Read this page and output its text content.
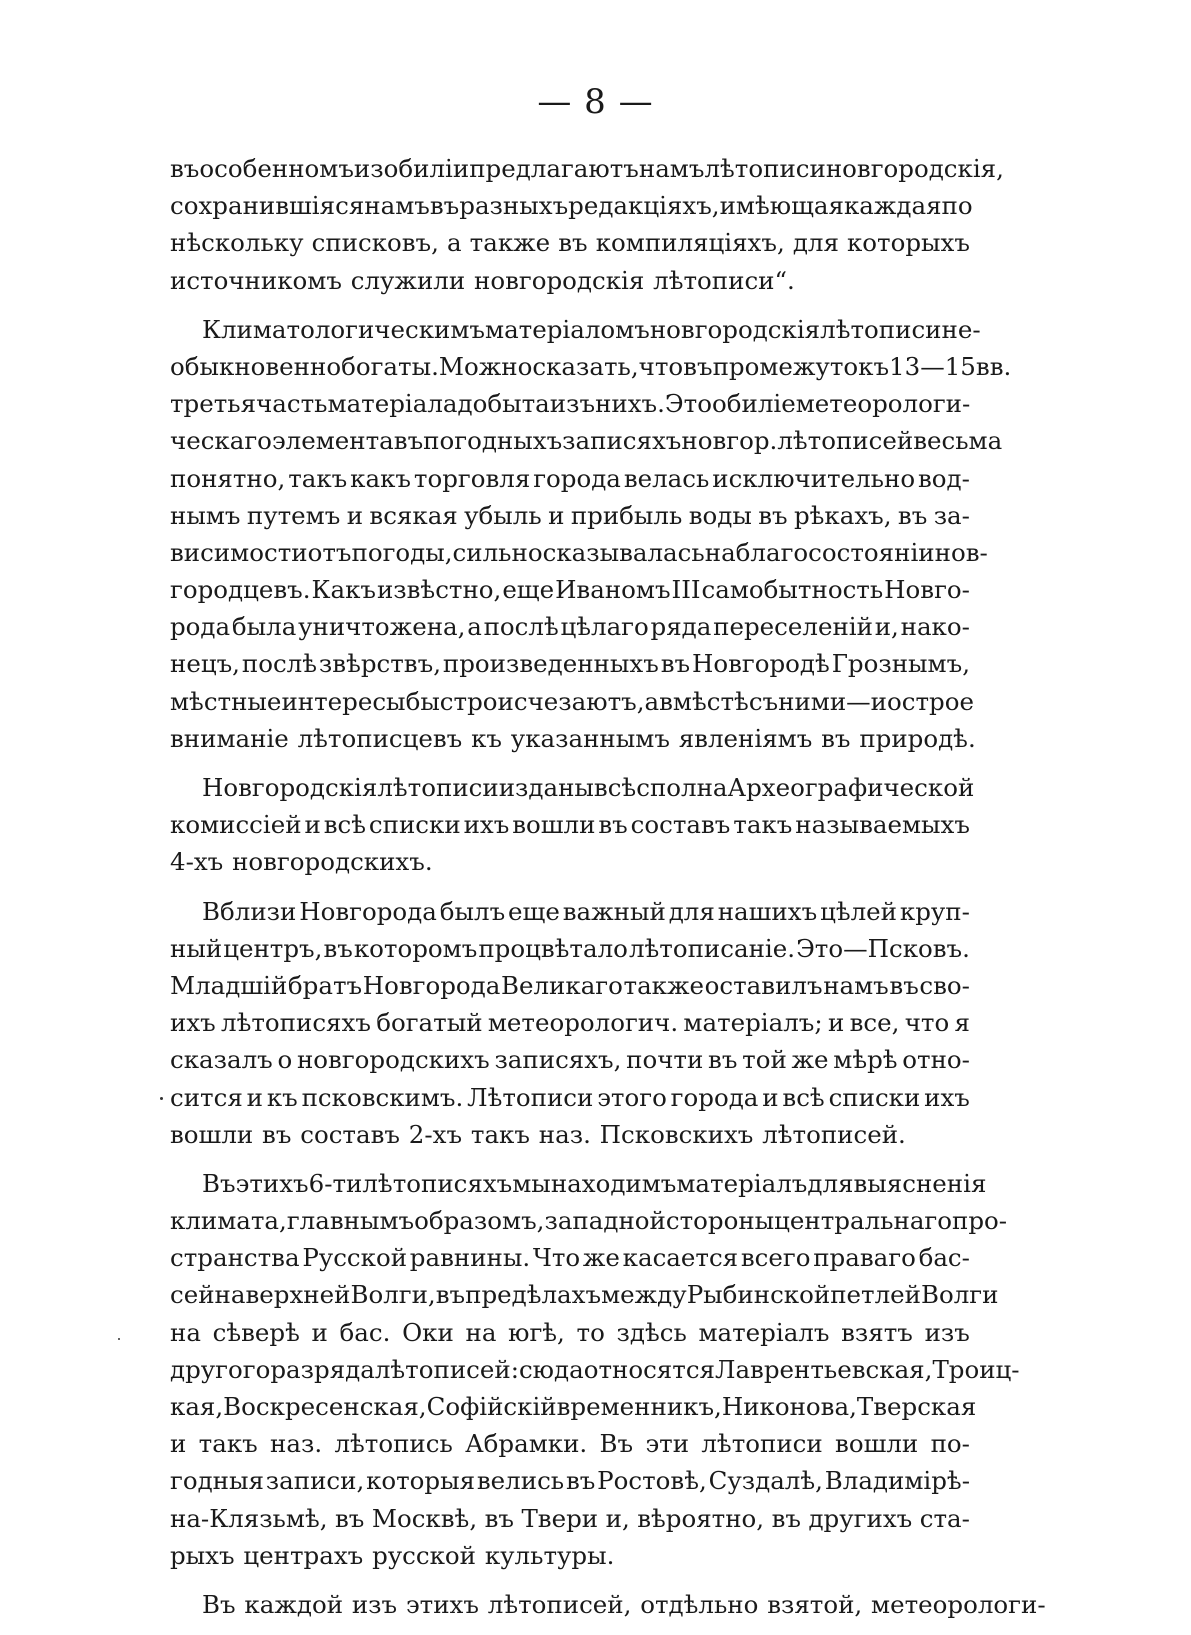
— 8 —
въ особенномъ изобиліи предлагаютъ намъ лѣтописи новгородскія,
сохранившіяся намъ въ разныхъ редакціяхъ, имѣющая каждая по
нѣскольку списковъ, а также въ компиляціяхъ, для которыхъ
источникомъ служили новгородскія лѣтописи“.
Климатологическимъ матеріаломъ новгородскія лѣтописи не-
обыкновенно богаты. Можно сказать, что въ промежутокъ 13—15 вв.
третья часть матеріала добыта изъ нихъ. Это обиліе метеорологи-
ческаго элемента въ погодныхъ записяхъ новгор. лѣтописей весьма
понятно, такъ какъ торговля города велась исключительно вод-
нымъ путемъ и всякая убыль и прибыль воды въ рѣкахъ, въ за-
висимости отъ погоды, сильно сказывалась на благосостояніи нов-
городцевъ. Какъ извѣстно, еще Иваномъ III самобытность Новго-
рода была уничтожена, а послѣ цѣлаго ряда переселеній и, нако-
нецъ, послѣ звѣрствъ, произведенныхъ въ Новгородѣ Грознымъ,
мѣстные интересы быстро исчезаютъ, а вмѣстѣ съ ними—и острое
вниманіе лѣтописцевъ къ указаннымъ явленіямъ въ природѣ.
Новгородскія лѣтописи изданы всѣ сполна Археографической
комиссіей и всѣ списки ихъ вошли въ составъ такъ называемыхъ
4-хъ новгородскихъ.
Вблизи Новгорода былъ еще важный для нашихъ цѣлей круп-
ный центръ, въ которомъ процвѣтало лѣтописаніе. Это—Псковъ.
Младшій братъ Новгорода Великаго также оставилъ намъ въ сво-
ихъ лѣтописяхъ богатый метеорологич. матеріалъ; и все, что я
сказалъ о новгородскихъ записяхъ, почти въ той же мѣрѣ отно-
сится и къ псковскимъ. Лѣтописи этого города и всѣ списки ихъ
вошли въ составъ 2-хъ такъ наз. Псковскихъ лѣтописей.
Въ этихъ 6-ти лѣтописяхъ мы находимъ матеріалъ для выясненія
климата, главнымъ образомъ, западной стороны центральнаго про-
странства Русской равнины. Что же касается всего праваго бас-
сейна верхней Волги, въ предѣлахъ между Рыбинской петлей Волги
на сѣверѣ и бас. Оки на югѣ, то здѣсь матеріалъ взятъ изъ
другого разряда лѣтописей: сюда относятся Лаврентьевская, Троиц-
кая, Воскресенская, Софійскій временникъ, Никонова, Тверская
и такъ наз. лѣтопись Абрамки. Въ эти лѣтописи вошли по-
годныя записи, которыя велись въ Ростовѣ, Суздалѣ, Владимірѣ-
на-Клязьмѣ, въ Москвѣ, въ Твери и, вѣроятно, въ другихъ ста-
рыхъ центрахъ русской культуры.
Въ каждой изъ этихъ лѣтописей, отдѣльно взятой, метеорологи-
